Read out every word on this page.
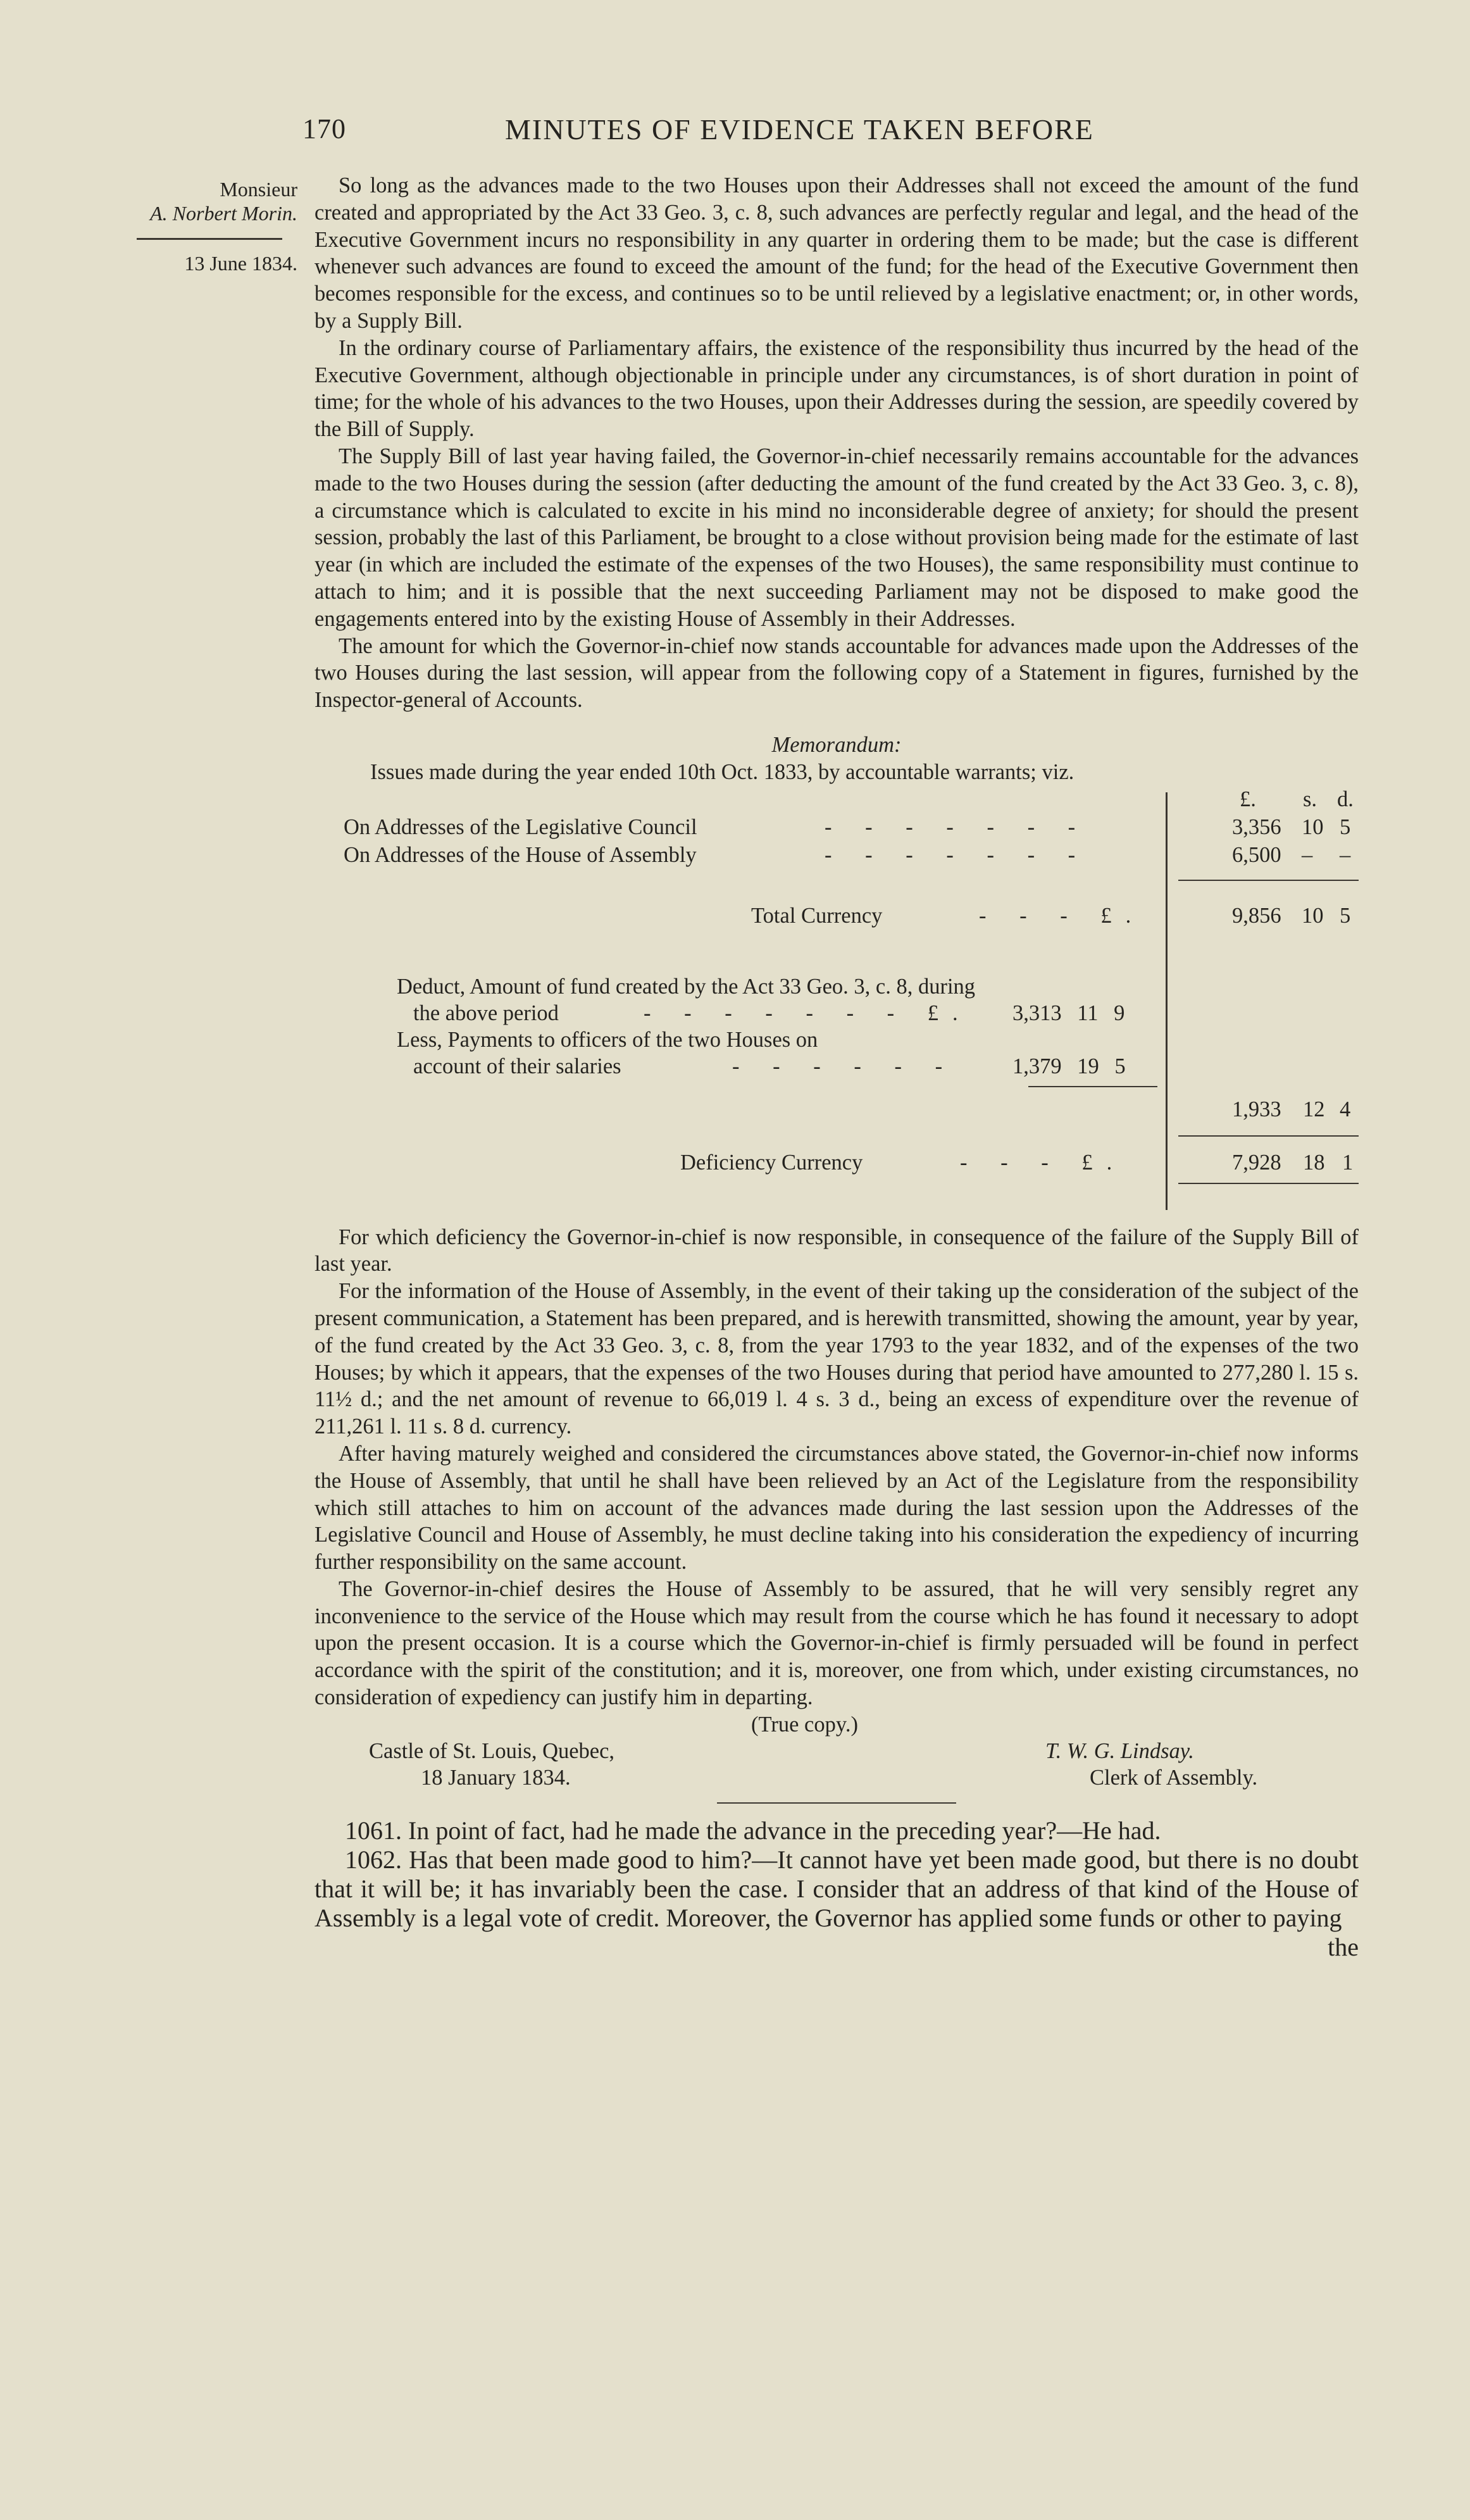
170	MINUTES OF EVIDENCE TAKEN BEFORE
Monsieur
A. Norbert Morin.
13 June 1834.

So long as the advances made to the two Houses upon their Addresses shall not exceed the amount of the fund created and appropriated by the Act 33 Geo. 3, c. 8, such advances are perfectly regular and legal, and the head of the Executive Government incurs no responsibility in any quarter in ordering them to be made; but the case is different whenever such advances are found to exceed the amount of the fund; for the head of the Executive Government then becomes responsible for the excess, and continues so to be until relieved by a legislative enactment; or, in other words, by a Supply Bill.

In the ordinary course of Parliamentary affairs, the existence of the responsibility thus incurred by the head of the Executive Government, although objectionable in principle under any circumstances, is of short duration in point of time; for the whole of his advances to the two Houses, upon their Addresses during the session, are speedily covered by the Bill of Supply.

The Supply Bill of last year having failed, the Governor-in-chief necessarily remains accountable for the advances made to the two Houses during the session (after deducting the amount of the fund created by the Act 33 Geo. 3, c. 8), a circumstance which is calculated to excite in his mind no inconsiderable degree of anxiety; for should the present session, probably the last of this Parliament, be brought to a close without provision being made for the estimate of last year (in which are included the estimate of the expenses of the two Houses), the same responsibility must continue to attach to him; and it is possible that the next succeeding Parliament may not be disposed to make good the engagements entered into by the existing House of Assembly in their Addresses.

The amount for which the Governor-in-chief now stands accountable for advances made upon the Addresses of the two Houses during the last session, will appear from the following copy of a Statement in figures, furnished by the Inspector-general of Accounts.

Memorandum:
Issues made during the year ended 10th Oct. 1833, by accountable warrants; viz.
£. s. d.
On Addresses of the Legislative Council	- - - - - - -	3,356 10 5
On Addresses of the House of Assembly	- - - - - - -	6,500 – –
Total Currency	- - - £.	9,856 10 5
Deduct, Amount of fund created by the Act 33 Geo. 3, c. 8, during
the above period	- - - - - - - £. 3,313 11 9
Less, Payments to officers of the two Houses on
account of their salaries	- - - - - -	1,379 19 5
1,933 12 4
Deficiency Currency	- - - £.	7,928 18 1

For which deficiency the Governor-in-chief is now responsible, in consequence of the failure of the Supply Bill of last year.

For the information of the House of Assembly, in the event of their taking up the consideration of the subject of the present communication, a Statement has been prepared, and is herewith transmitted, showing the amount, year by year, of the fund created by the Act 33 Geo. 3, c. 8, from the year 1793 to the year 1832, and of the expenses of the two Houses; by which it appears, that the expenses of the two Houses during that period have amounted to 277,280 l. 15 s. 11½ d.; and the net amount of revenue to 66,019 l. 4 s. 3 d., being an excess of expenditure over the revenue of 211,261 l. 11 s. 8 d. currency.

After having maturely weighed and considered the circumstances above stated, the Governor-in-chief now informs the House of Assembly, that until he shall have been relieved by an Act of the Legislature from the responsibility which still attaches to him on account of the advances made during the last session upon the Addresses of the Legislative Council and House of Assembly, he must decline taking into his consideration the expediency of incurring further responsibility on the same account.

The Governor-in-chief desires the House of Assembly to be assured, that he will very sensibly regret any inconvenience to the service of the House which may result from the course which he has found it necessary to adopt upon the present occasion. It is a course which the Governor-in-chief is firmly persuaded will be found in perfect accordance with the spirit of the constitution; and it is, moreover, one from which, under existing circumstances, no consideration of expediency can justify him in departing.

(True copy.)
Castle of St. Louis, Quebec,	T. W. G. Lindsay.
18 January 1834.	Clerk of Assembly.

1061. In point of fact, had he made the advance in the preceding year?—He had.

1062. Has that been made good to him?—It cannot have yet been made good, but there is no doubt that it will be; it has invariably been the case. I consider that an address of that kind of the House of Assembly is a legal vote of credit. Moreover, the Governor has applied some funds or other to paying

the
